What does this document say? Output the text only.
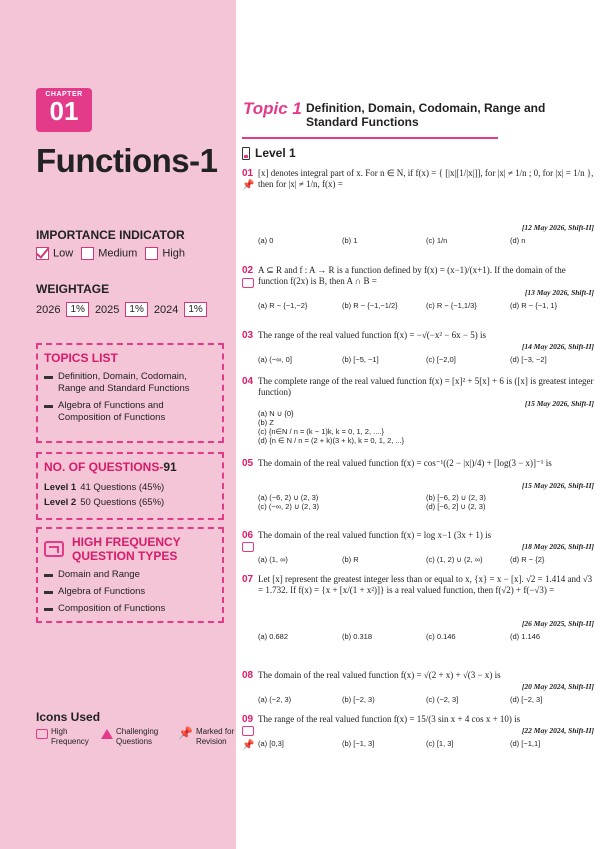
CHAPTER
01
Functions-1
IMPORTANCE INDICATOR
Low	Medium	High
WEIGHTAGE
2026	1% 2025	1% 2024	1%
TOPICS LIST
Definition, Domain, Codomain, Range and Standard Functions
Algebra of Functions and Composition of Functions
NO. OF QUESTIONS-91
Level 1 41 Questions (45%)
Level 2 50 Questions (65%)
HIGH FREQUENCY QUESTION TYPES
Domain and Range
Algebra of Functions
Composition of Functions
Icons Used
High Frequency
Challenging Questions
📌 Marked for Revision
Topic 1 Definition, Domain, Codomain, Range and Standard Functions
Level 1
01
📌
[x] denotes integral part of x. For n ∈ N, if f(x) = { [|x|[1/|x|]], for |x| ≠ 1/n ; 0, for |x| = 1/n }, then for |x| ≠ 1/n, f(x) =
[12 May 2026, Shift-II]
(a) 0	(b) 1	(c) 1/n	(d) n
02 A ⊆ R and f : A → R is a function defined by f(x) = (x−1)/(x+1). If the domain of the function f(2x) is B, then A ∩ B =
[13 May 2026, Shift-I]
(a) R − {−1,−2}	(b) R − {−1,−1/2}	(c) R − {−1,1/3}	(d) R − {−1, 1}
03 The range of the real valued function f(x) = −√(−x² − 6x − 5) is
[14 May 2026, Shift-II]
(a) (−∞, 0]	(b) [−5, −1]	(c) [−2,0]	(d) [−3, −2]
04 The complete range of the real valued function f(x) = [x]² + 5[x] + 6 is ([x] is greatest integer function)
[15 May 2026, Shift-I]
(a) N ∪ {0}
(b) Z
(c) {n∈N / n = (k − 1)k, k = 0, 1, 2, ....}
(d) {n ∈ N / n = (2 + k)(3 + k), k = 0, 1, 2, ...}
05 The domain of the real valued function f(x) = cos⁻¹((2 − |x|)/4) + [log(3 − x)]⁻¹ is
[15 May 2026, Shift-II]
(a) (−6, 2) ∪ (2, 3)	(b) [−6, 2) ∪ (2, 3)
(c) (−∞, 2) ∪ (2, 3)	(d) [−6, 2] ∪ (2, 3)
06 The domain of the real valued function f(x) = log x−1 (3x + 1) is
[18 May 2026, Shift-II]
(a) (1, ∞)	(b) R	(c) (1, 2) ∪ (2, ∞)	(d) R − {2}
07 Let [x] represent the greatest integer less than or equal to x, {x} = x − [x]. √2 = 1.414 and √3 = 1.732. If f(x) = {x + [x/(1 + x²)]} is a real valued function, then f(√2) + f(−√3) =
[26 May 2025, Shift-II]
(a) 0.682	(b) 0.318	(c) 0.146	(d) 1.146
08 The domain of the real valued function f(x) = √(2 + x) + √(3 − x) is
[20 May 2024, Shift-II]
(a) (−2, 3)	(b) [−2, 3)	(c) (−2, 3]	(d) [−2, 3]
09
📌
The range of the real valued function f(x) = 15/(3 sin x + 4 cos x + 10) is
[22 May 2024, Shift-II]
(a) [0,3]	(b) [−1, 3]	(c) [1, 3]	(d) [−1,1]
